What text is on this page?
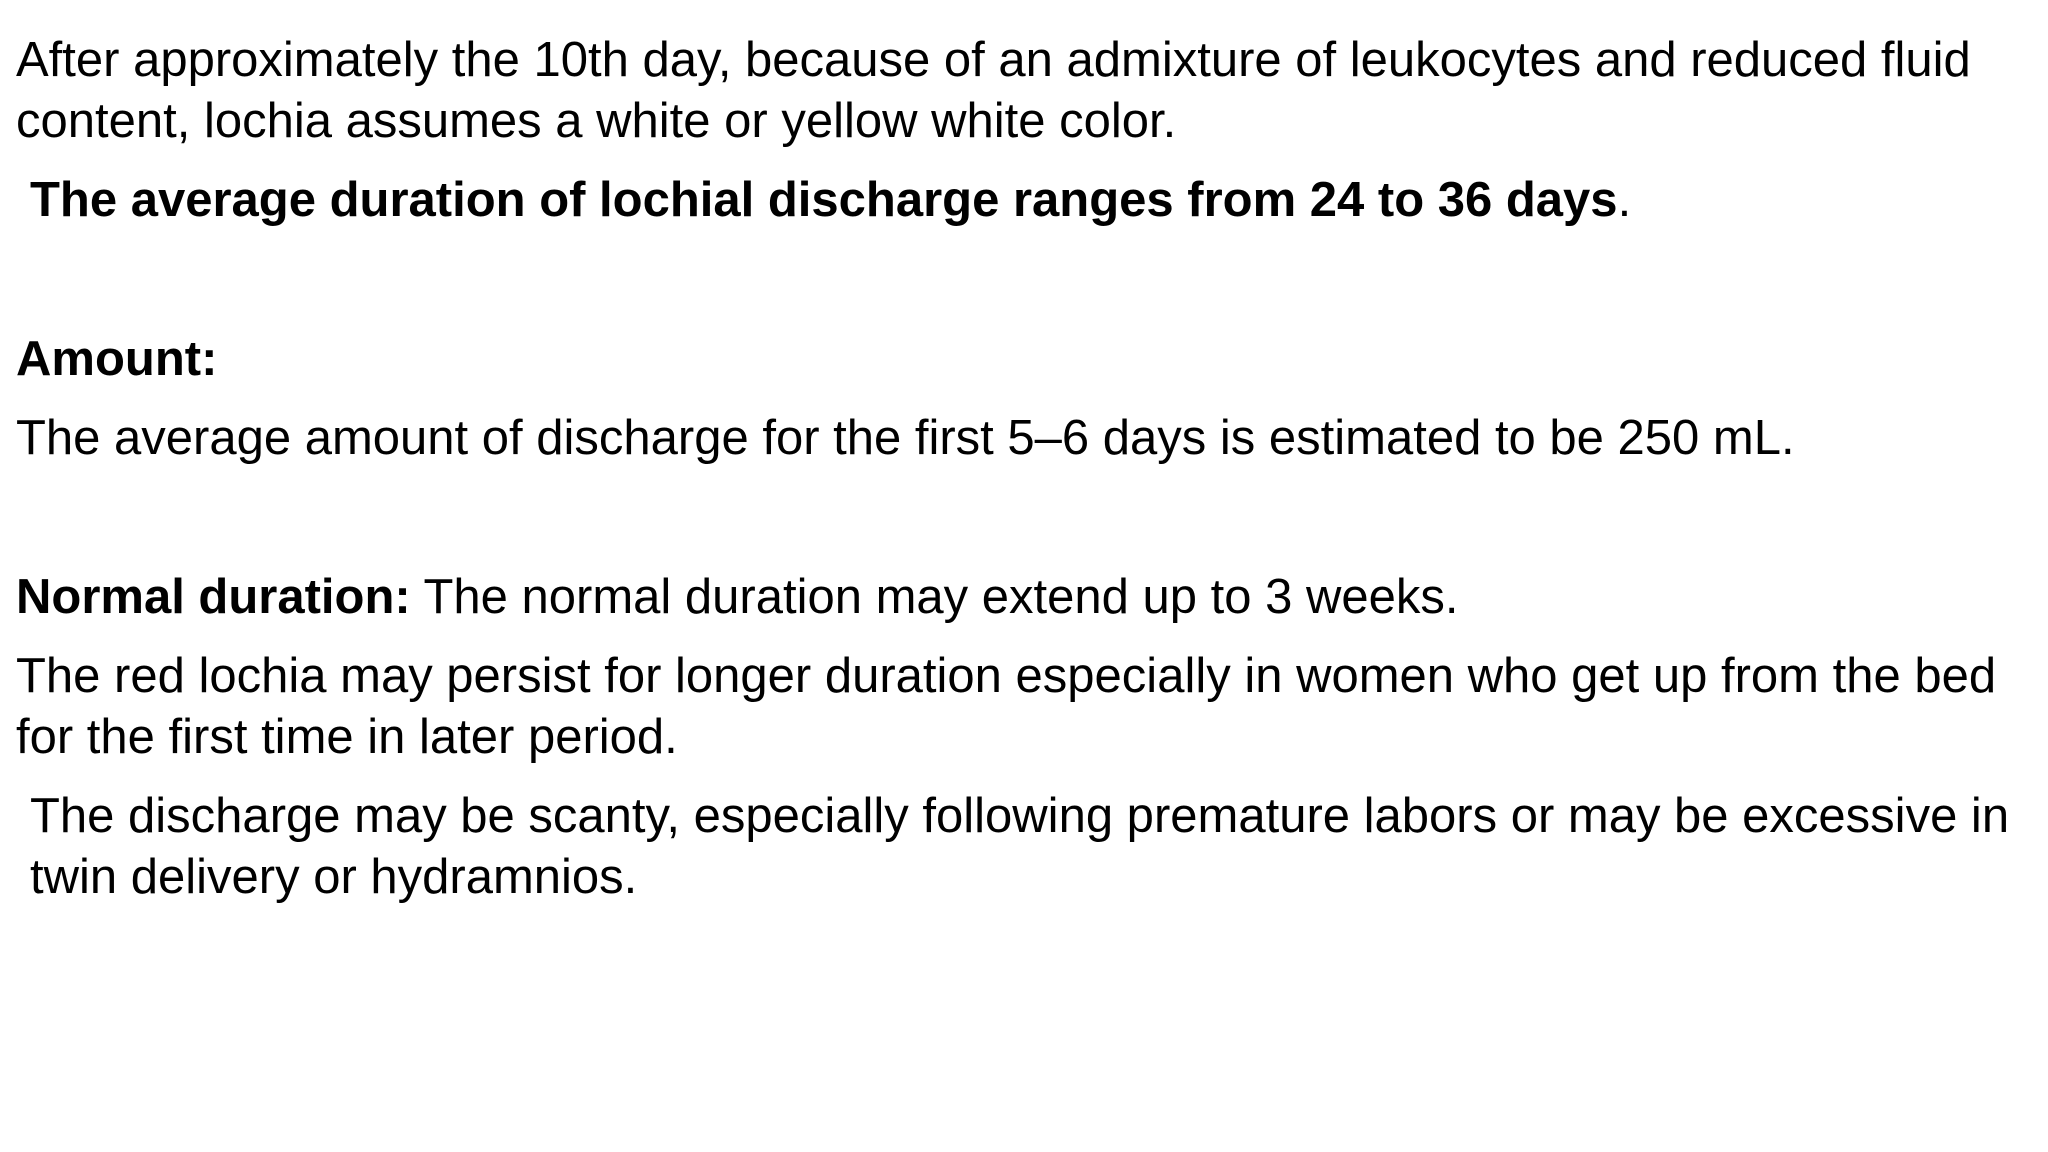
After approximately the 10th day, because of an admixture of leukocytes and reduced fluid content, lochia assumes a white or yellow white color.

The average duration of lochial discharge ranges from 24 to 36 days.

Amount:

The average amount of discharge for the first 5–6 days is estimated to be 250 mL.

Normal duration: The normal duration may extend up to 3 weeks.

The red lochia may persist for longer duration especially in women who get up from the bed for the first time in later period.

The discharge may be scanty, especially following premature labors or may be excessive in twin delivery or hydramnios.
